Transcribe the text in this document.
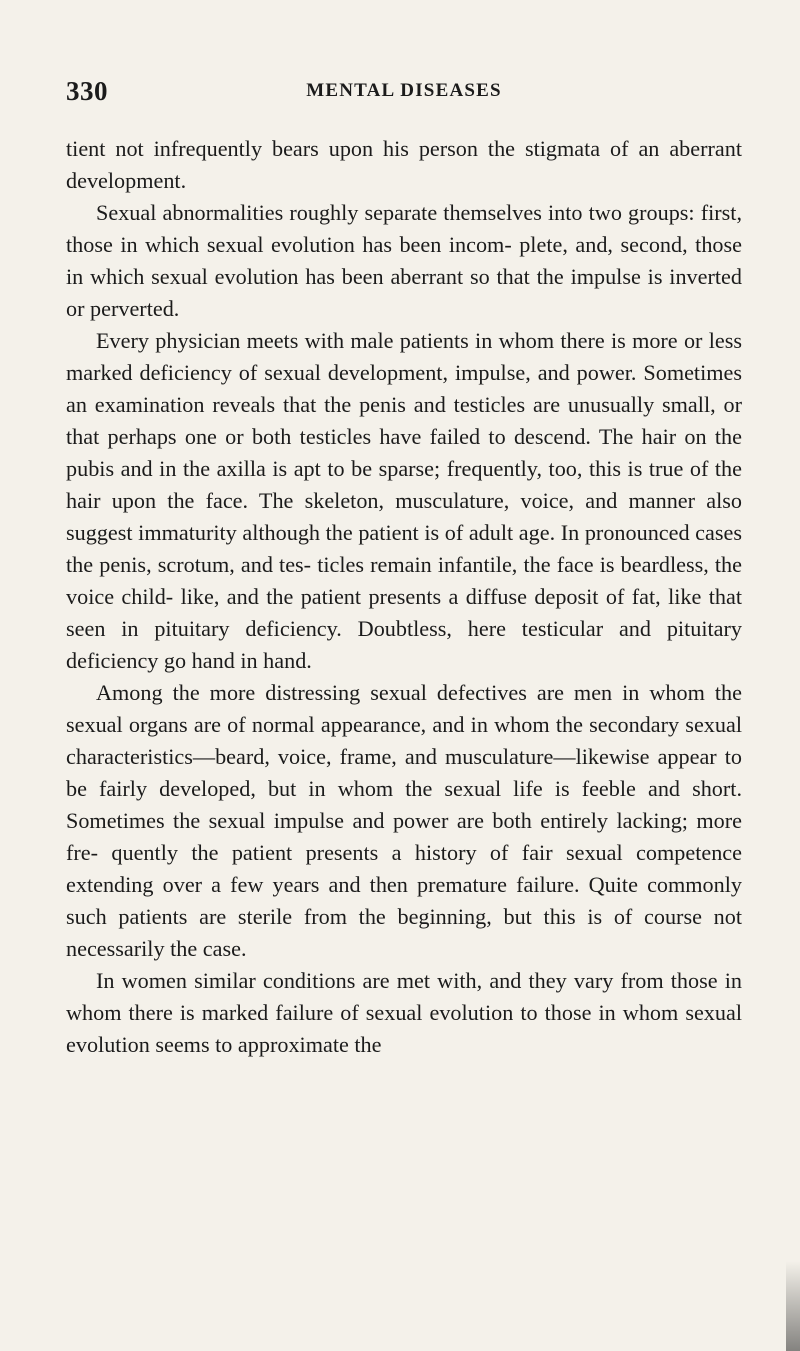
330	MENTAL DISEASES

tient not infrequently bears upon his person the stigmata of an aberrant development.

Sexual abnormalities roughly separate themselves into two groups: first, those in which sexual evolution has been incom- plete, and, second, those in which sexual evolution has been aberrant so that the impulse is inverted or perverted.

Every physician meets with male patients in whom there is more or less marked deficiency of sexual development, impulse, and power. Sometimes an examination reveals that the penis and testicles are unusually small, or that perhaps one or both testicles have failed to descend. The hair on the pubis and in the axilla is apt to be sparse; frequently, too, this is true of the hair upon the face. The skeleton, musculature, voice, and manner also suggest immaturity although the patient is of adult age. In pronounced cases the penis, scrotum, and tes- ticles remain infantile, the face is beardless, the voice child- like, and the patient presents a diffuse deposit of fat, like that seen in pituitary deficiency. Doubtless, here testicular and pituitary deficiency go hand in hand.

Among the more distressing sexual defectives are men in whom the sexual organs are of normal appearance, and in whom the secondary sexual characteristics—beard, voice, frame, and musculature—likewise appear to be fairly developed, but in whom the sexual life is feeble and short. Sometimes the sexual impulse and power are both entirely lacking; more fre- quently the patient presents a history of fair sexual competence extending over a few years and then premature failure. Quite commonly such patients are sterile from the beginning, but this is of course not necessarily the case.

In women similar conditions are met with, and they vary from those in whom there is marked failure of sexual evolution to those in whom sexual evolution seems to approximate the
